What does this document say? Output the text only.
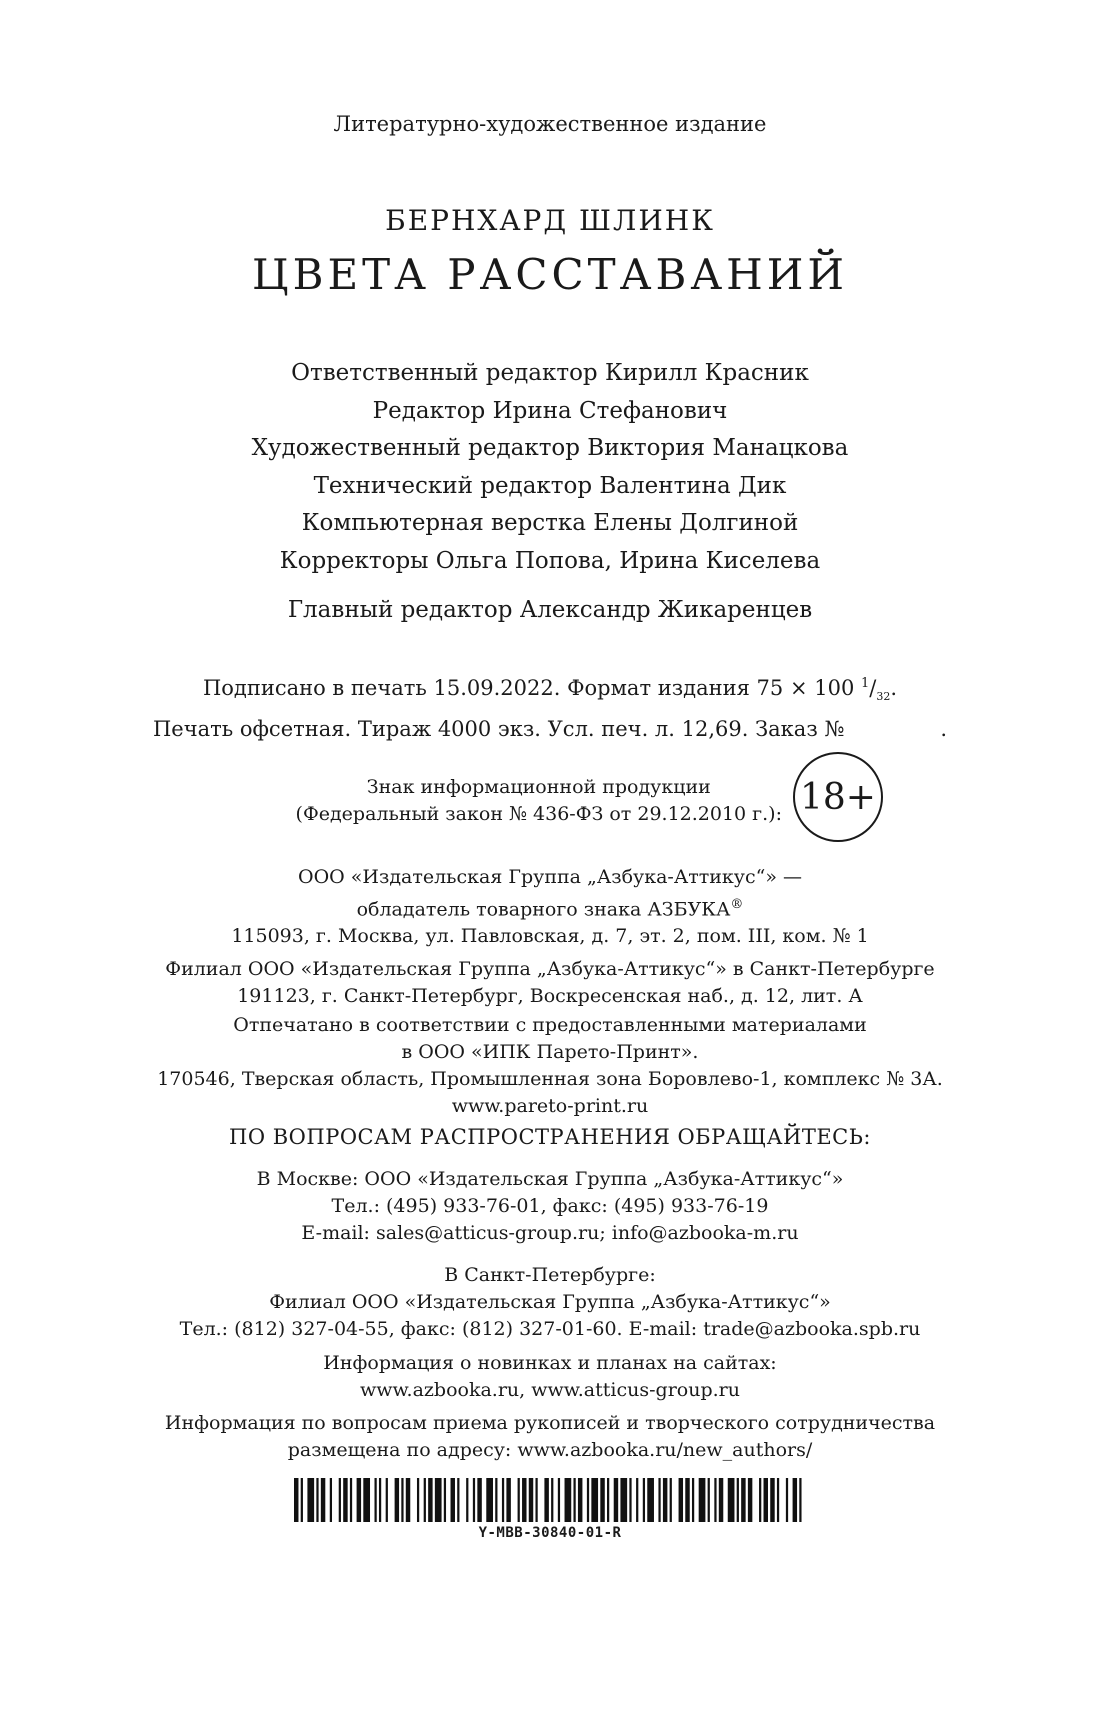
Литературно-художественное издание
БЕРНХАРД ШЛИНК
ЦВЕТА РАССТАВАНИЙ
Ответственный редактор Кирилл Красник
Редактор Ирина Стефанович
Художественный редактор Виктория Манацкова
Технический редактор Валентина Дик
Компьютерная верстка Елены Долгиной
Корректоры Ольга Попова, Ирина Киселева
Главный редактор Александр Жикаренцев
Подписано в печать 15.09.2022. Формат издания 75 × 100 $^1/_{32}$.
Печать офсетная. Тираж 4000 экз. Усл. печ. л. 12,69. Заказ №	.
Знак информационной продукции
(Федеральный закон № 436-ФЗ от 29.12.2010 г.): 18+
ООО «Издательская Группа „Азбука-Аттикус“» —
обладатель товарного знака АЗБУКА®
115093, г. Москва, ул. Павловская, д. 7, эт. 2, пом. III, ком. № 1
Филиал ООО «Издательская Группа „Азбука-Аттикус“» в Санкт-Петербурге
191123, г. Санкт-Петербург, Воскресенская наб., д. 12, лит. А
Отпечатано в соответствии с предоставленными материалами
в ООО «ИПК Парето-Принт».
170546, Тверская область, Промышленная зона Боровлево-1, комплекс № 3А.
www.pareto-print.ru
ПО ВОПРОСАМ РАСПРОСТРАНЕНИЯ ОБРАЩАЙТЕСЬ:
В Москве: ООО «Издательская Группа „Азбука-Аттикус“»
Тел.: (495) 933-76-01, факс: (495) 933-76-19
E-mail: sales@atticus-group.ru; info@azbooka-m.ru
В Санкт-Петербурге:
Филиал ООО «Издательская Группа „Азбука-Аттикус“»
Тел.: (812) 327-04-55, факс: (812) 327-01-60. E-mail: trade@azbooka.spb.ru
Информация о новинках и планах на сайтах:
www.azbooka.ru, www.atticus-group.ru
Информация по вопросам приема рукописей и творческого сотрудничества
размещена по адресу: www.azbooka.ru/new_authors/
Y-MBB-30840-01-R
